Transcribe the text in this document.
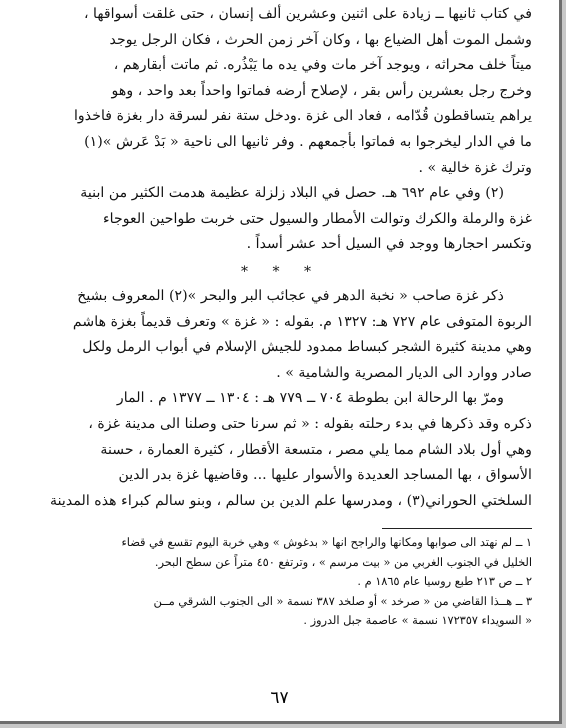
في كتاب ثانيها ــ زيادة على اثنين وعشرين ألف إنسان ، حتى غلقت أسواقها ،

وشمل الموت أهل الضياع بها ، وكان آخر زمن الحرث ، فكان الرجل يوجد

ميتاً خلف محراثه ، ويوجد آخر مات وفي يده ما يَبْذُره. ثم ماتت أبقارهم ،

وخرج رجل بعشرين رأس بقر ، لإصلاح أرضه فماتوا واحداً بعد واحد ، وهو

يراهم يتساقطون قُدّامه ، فعاد الى غزة .ودخل ستة نفر لسرقة دار بغزة فاخذوا

ما في الدار ليخرجوا به فماتوا بأجمعهم . وفر ثانيها الى ناحية « بَدْ عَرش »(١)

وترك غزة خالية » .

(٢) وفي عام ٦٩٢ هـ. حصل في البلاد زلزلة عظيمة هدمت الكثير من ابنية

غزة والرملة والكرك وتوالت الأمطار والسيول حتى خربت طواحين العوجاء

وتكسر احجارها ووجد في السيل أحد عشر أسداً .

* * *

ذكر غزة صاحب « نخبة الدهر في عجائب البر والبحر »(٢) المعروف بشيخ

الربوة المتوفى عام ٧٢٧ هـ: ١٣٢٧ م. بقوله : « غزة » وتعرف قديماً بغزة هاشم

وهي مدينة كثيرة الشجر كبساط ممدود للجيش الإسلام في أبواب الرمل ولكل

صادر ووارد الى الديار المصرية والشامية » .

ومرّ بها الرحالة ابن بطوطة ٧٠٤ ــ ٧٧٩ هـ : ١٣٠٤ ــ ١٣٧٧ م . المار

ذكره وقد ذكرها في بدء رحلته بقوله : « ثم سرنا حتى وصلنا الى مدينة غزة ،

وهي أول بلاد الشام مما يلي مصر ، متسعة الأقطار ، كثيرة العمارة ، حسنة

الأسواق ، بها المساجد العديدة والأسوار عليها ... وقاضيها غزة بدر الدين

السلختي الحوراني(٣) ، ومدرسها علم الدين بن سالم ، وبنو سالم كبراء هذه المدينة

١ ــ لم نهتد الى صوابها ومكانها والراجح انها « بدغوش » وهي خربة اليوم تقسع في قضاء

الخليل في الجنوب الغربي من « بيت مرسم » ، وترتفع ٤٥٠ متراً عن سطح البحر.

٢ ــ ص ٢١٣ طبع روسيا عام ١٨٦٥ م .

٣ ــ هــذا القاضي من « صرخد » أو صلخد ٣٨٧ نسمة « الى الجنوب الشرقي مــن

« السويداء ١٧٢٣٥٧ نسمة » عاصمة جبل الدروز .

٦٧
